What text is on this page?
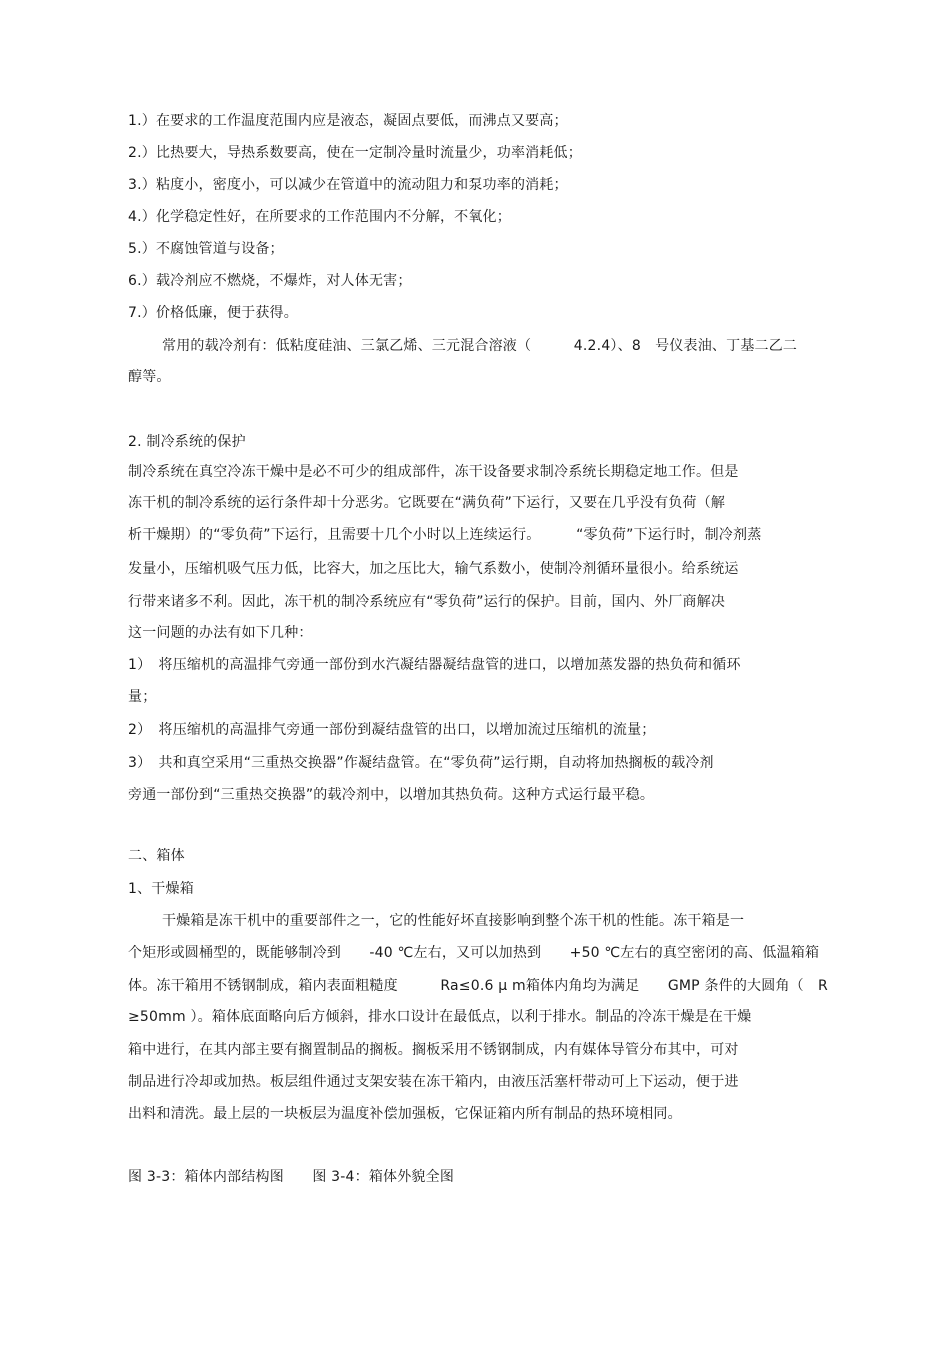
1.）在要求的工作温度范围内应是液态，凝固点要低，而沸点又要高；
2.）比热要大，导热系数要高，使在一定制冷量时流量少，功率消耗低；
3.）粘度小，密度小，可以减少在管道中的流动阻力和泵功率的消耗；
4.）化学稳定性好，在所要求的工作范围内不分解，不氧化；
5.）不腐蚀管道与设备；
6.）载冷剂应不燃烧，不爆炸，对人体无害；
7.）价格低廉，便于获得。
常用的载冷剂有：低粘度硅油、三氯乙烯、三元混合溶液（　　　4.2.4）、8　号仪表油、丁基二乙二
醇等。
2. 制冷系统的保护
制冷系统在真空冷冻干燥中是必不可少的组成部件，冻干设备要求制冷系统长期稳定地工作。但是
冻干机的制冷系统的运行条件却十分恶劣。它既要在“满负荷”下运行，又要在几乎没有负荷（解
析干燥期）的“零负荷”下运行，且需要十几个小时以上连续运行。　　　“零负荷”下运行时，制冷剂蒸
发量小，压缩机吸气压力低，比容大，加之压比大，输气系数小，使制冷剂循环量很小。给系统运
行带来诸多不利。因此，冻干机的制冷系统应有“零负荷”运行的保护。目前，国内、外厂商解决
这一问题的办法有如下几种：
1）　将压缩机的高温排气旁通一部份到水汽凝结器凝结盘管的进口，以增加蒸发器的热负荷和循环
量；
2）　将压缩机的高温排气旁通一部份到凝结盘管的出口，以增加流过压缩机的流量；
3）　共和真空采用“三重热交换器”作凝结盘管。在“零负荷”运行期，自动将加热搁板的载冷剂
旁通一部份到“三重热交换器”的载冷剂中，以增加其热负荷。这种方式运行最平稳。
二、箱体
1、干燥箱
干燥箱是冻干机中的重要部件之一，它的性能好坏直接影响到整个冻干机的性能。冻干箱是一
个矩形或圆桶型的，既能够制冷到　　-40 ℃左右，又可以加热到　　+50 ℃左右的真空密闭的高、低温箱箱
体。冻干箱用不锈钢制成，箱内表面粗糙度　　　Ra≤0.6 μ m箱体内角均为满足　　GMP 条件的大圆角（　R
≥50mm ）。箱体底面略向后方倾斜，排水口设计在最低点，以利于排水。制品的冷冻干燥是在干燥
箱中进行，在其内部主要有搁置制品的搁板。搁板采用不锈钢制成，内有媒体导管分布其中，可对
制品进行冷却或加热。板层组件通过支架安装在冻干箱内，由液压活塞杆带动可上下运动，便于进
出料和清洗。最上层的一块板层为温度补偿加强板，它保证箱内所有制品的热环境相同。
图 3-3：箱体内部结构图　　图 3-4：箱体外貌全图
